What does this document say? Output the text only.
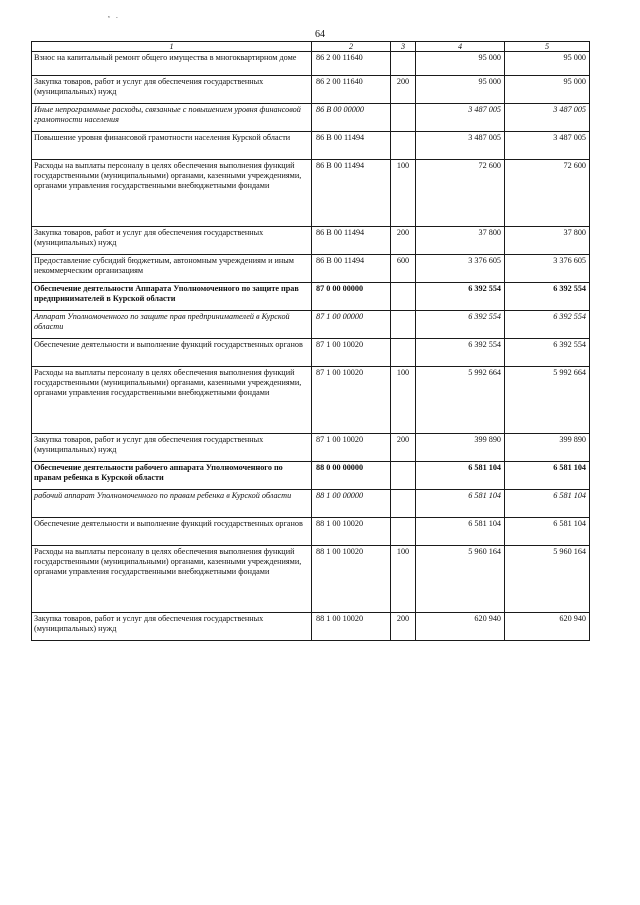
ᵛ ·
64
1	2	3	4	5
Взнос на капитальный ремонт общего имущества в многоквартирном доме	86 2 00 11640		95 000	95 000
Закупка товаров, работ и услуг для обеспечения государственных (муниципальных) нужд	86 2 00 11640	200	95 000	95 000
Иные непрограммные расходы, связанные с повышением уровня финансовой грамотности населения	86 В 00 00000		3 487 005	3 487 005
Повышение уровня финансовой грамотности населения Курской области	86 В 00 11494		3 487 005	3 487 005
Расходы на выплаты персоналу в целях обеспечения выполнения функций государственными (муниципальными) органами, казенными учреждениями, органами управления государственными внебюджетными фондами	86 В 00 11494	100	72 600	72 600
Закупка товаров, работ и услуг для обеспечения государственных (муниципальных) нужд	86 В 00 11494	200	37 800	37 800
Предоставление субсидий бюджетным, автономным учреждениям и иным некоммерческим организациям	86 В 00 11494	600	3 376 605	3 376 605
Обеспечение деятельности Аппарата Уполномоченного по защите прав предпринимателей в Курской области	87 0 00 00000		6 392 554	6 392 554
Аппарат Уполномоченного по защите прав предпринимателей в Курской области	87 1 00 00000		6 392 554	6 392 554
Обеспечение деятельности и выполнение функций государственных органов	87 1 00 10020		6 392 554	6 392 554
Расходы на выплаты персоналу в целях обеспечения выполнения функций государственными (муниципальными) органами, казенными учреждениями, органами управления государственными внебюджетными фондами	87 1 00 10020	100	5 992 664	5 992 664
Закупка товаров, работ и услуг для обеспечения государственных (муниципальных) нужд	87 1 00 10020	200	399 890	399 890
Обеспечение деятельности рабочего аппарата Уполномоченного по правам ребенка в Курской области	88 0 00 00000		6 581 104	6 581 104
рабочий аппарат Уполномоченного по правам ребенка в Курской области	88 1 00 00000		6 581 104	6 581 104
Обеспечение деятельности и выполнение функций государственных органов	88 1 00 10020		6 581 104	6 581 104
Расходы на выплаты персоналу в целях обеспечения выполнения функций государственными (муниципальными) органами, казенными учреждениями, органами управления государственными внебюджетными фондами	88 1 00 10020	100	5 960 164	5 960 164
Закупка товаров, работ и услуг для обеспечения государственных (муниципальных) нужд	88 1 00 10020	200	620 940	620 940
